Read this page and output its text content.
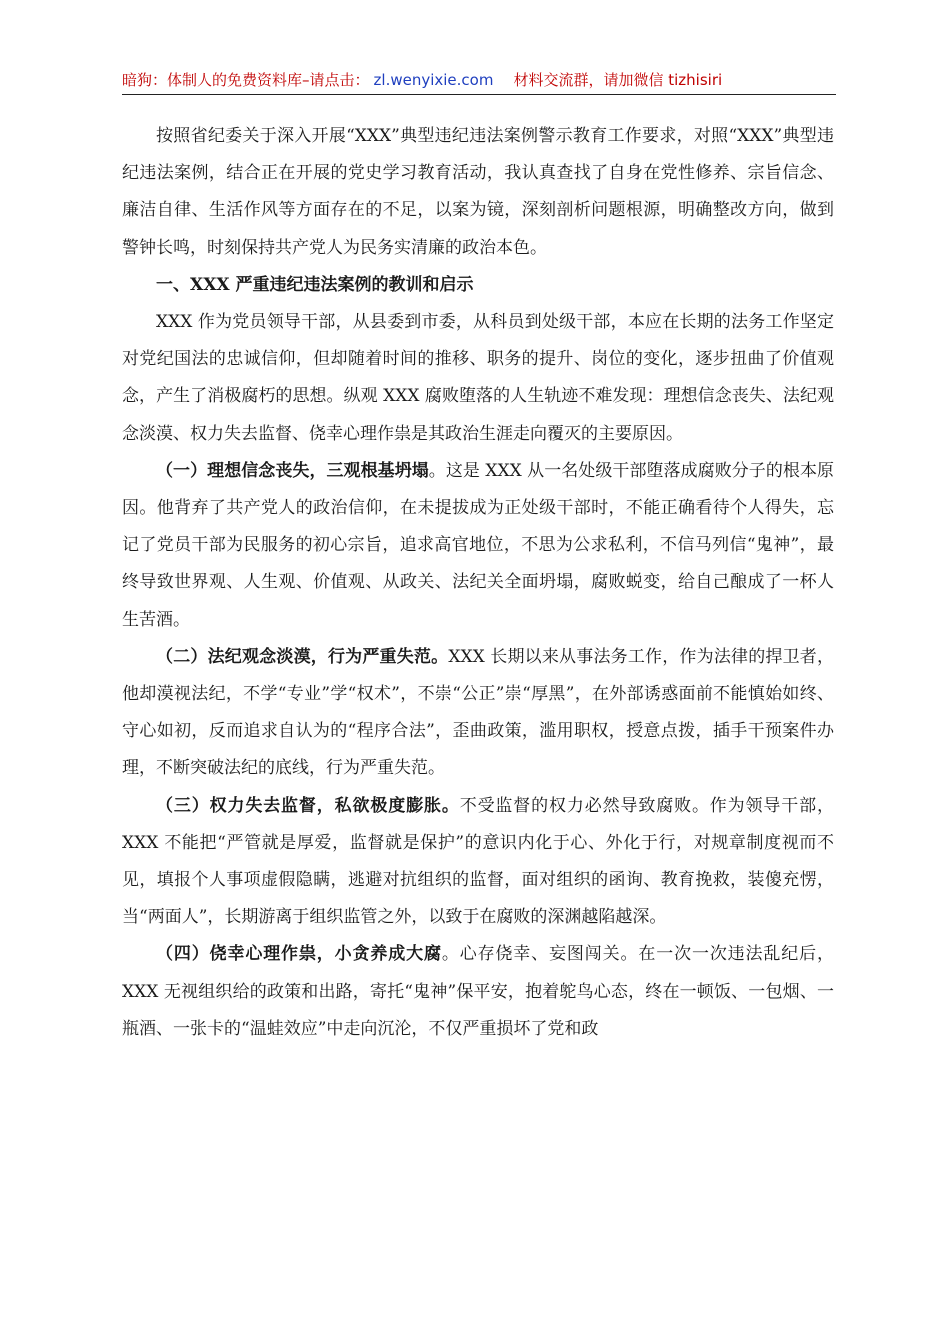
暗狗：体制人的免费资料库–请点击： zl.wenyixie.com 材料交流群，请加微信 tizhisiri

按照省纪委关于深入开展“XXX”典型违纪违法案例警示教育工作要求，对照“XXX”典型违纪违法案例，结合正在开展的党史学习教育活动，我认真查找了自身在党性修养、宗旨信念、廉洁自律、生活作风等方面存在的不足，以案为镜，深刻剖析问题根源，明确整改方向，做到警钟长鸣，时刻保持共产党人为民务实清廉的政治本色。

一、XXX 严重违纪违法案例的教训和启示

XXX 作为党员领导干部，从县委到市委，从科员到处级干部，本应在长期的法务工作坚定对党纪国法的忠诚信仰，但却随着时间的推移、职务的提升、岗位的变化，逐步扭曲了价值观念，产生了消极腐朽的思想。纵观 XXX 腐败堕落的人生轨迹不难发现：理想信念丧失、法纪观念淡漠、权力失去监督、侥幸心理作祟是其政治生涯走向覆灭的主要原因。

（一）理想信念丧失，三观根基坍塌。这是 XXX 从一名处级干部堕落成腐败分子的根本原因。他背弃了共产党人的政治信仰，在未提拔成为正处级干部时，不能正确看待个人得失，忘记了党员干部为民服务的初心宗旨，追求高官地位，不思为公求私利，不信马列信“鬼神”，最终导致世界观、人生观、价值观、从政关、法纪关全面坍塌，腐败蜕变，给自己酿成了一杯人生苦酒。

（二）法纪观念淡漠，行为严重失范。XXX 长期以来从事法务工作，作为法律的捍卫者，他却漠视法纪，不学“专业”学“权术”，不崇“公正”崇“厚黑”，在外部诱惑面前不能慎始如终、守心如初，反而追求自认为的“程序合法”，歪曲政策，滥用职权，授意点拨，插手干预案件办理，不断突破法纪的底线，行为严重失范。

（三）权力失去监督，私欲极度膨胀。不受监督的权力必然导致腐败。作为领导干部，XXX 不能把“严管就是厚爱，监督就是保护”的意识内化于心、外化于行，对规章制度视而不见，填报个人事项虚假隐瞒，逃避对抗组织的监督，面对组织的函询、教育挽救，装傻充愣，当“两面人”，长期游离于组织监管之外，以致于在腐败的深渊越陷越深。

（四）侥幸心理作祟，小贪养成大腐。心存侥幸、妄图闯关。在一次一次违法乱纪后，XXX 无视组织给的政策和出路，寄托“鬼神”保平安，抱着鸵鸟心态，终在一顿饭、一包烟、一瓶酒、一张卡的“温蛙效应”中走向沉沦，不仅严重损坏了党和政
